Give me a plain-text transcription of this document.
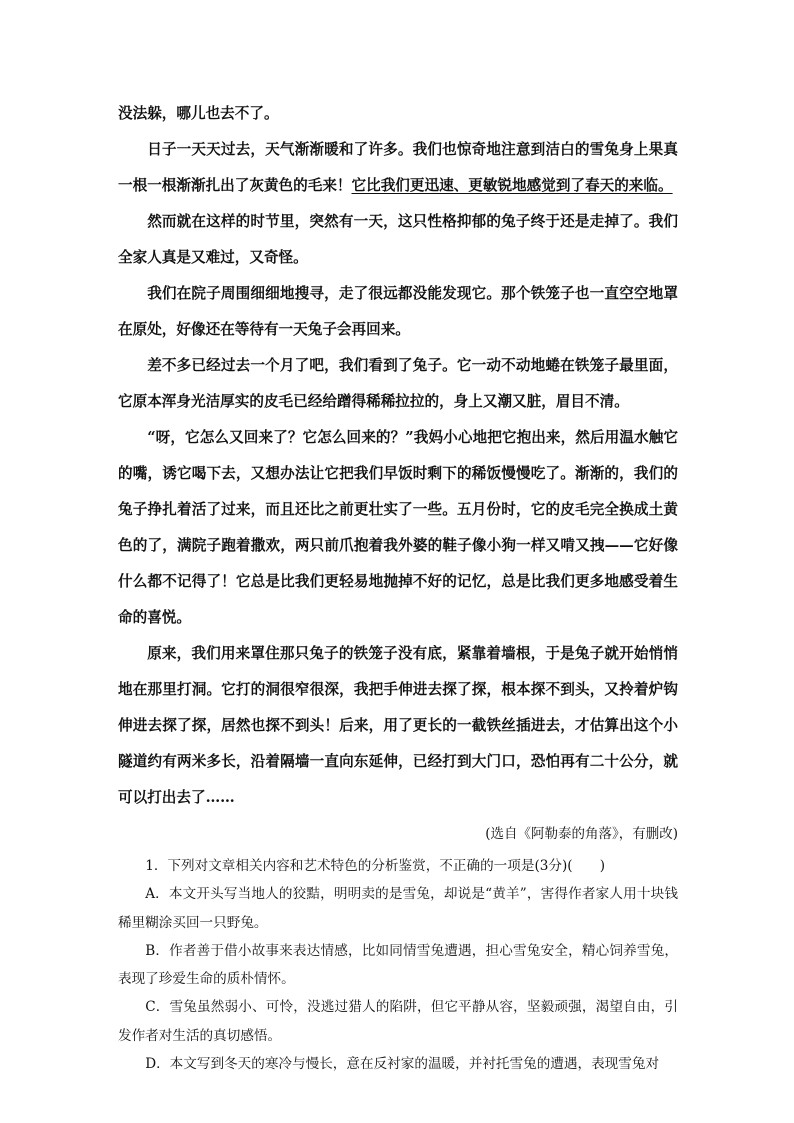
没法躲，哪儿也去不了。

日子一天天过去，天气渐渐暖和了许多。我们也惊奇地注意到洁白的雪兔身上果真一根一根渐渐扎出了灰黄色的毛来！它比我们更迅速、更敏锐地感觉到了春天的来临。

然而就在这样的时节里，突然有一天，这只性格抑郁的兔子终于还是走掉了。我们全家人真是又难过，又奇怪。

我们在院子周围细细地搜寻，走了很远都没能发现它。那个铁笼子也一直空空地罩在原处，好像还在等待有一天兔子会再回来。

差不多已经过去一个月了吧，我们看到了兔子。它一动不动地蜷在铁笼子最里面，它原本浑身光洁厚实的皮毛已经给蹭得稀稀拉拉的，身上又潮又脏，眉目不清。

“呀，它怎么又回来了？它怎么回来的？”我妈小心地把它抱出来，然后用温水触它的嘴，诱它喝下去，又想办法让它把我们早饭时剩下的稀饭慢慢吃了。渐渐的，我们的兔子挣扎着活了过来，而且还比之前更壮实了一些。五月份时，它的皮毛完全换成土黄色的了，满院子跑着撒欢，两只前爪抱着我外婆的鞋子像小狗一样又啃又拽——它好像什么都不记得了！它总是比我们更轻易地抛掉不好的记忆，总是比我们更多地感受着生命的喜悦。

原来，我们用来罩住那只兔子的铁笼子没有底，紧靠着墙根，于是兔子就开始悄悄地在那里打洞。它打的洞很窄很深，我把手伸进去探了探，根本探不到头，又拎着炉钩伸进去探了探，居然也探不到头！后来，用了更长的一截铁丝插进去，才估算出这个小隧道约有两米多长，沿着隔墙一直向东延伸，已经打到大门口，恐怕再有二十公分，就可以打出去了……

(选自《阿勒泰的角落》，有删改)

1．下列对文章相关内容和艺术特色的分析鉴赏，不正确的一项是(3分)(　　)

A．本文开头写当地人的狡黠，明明卖的是雪兔，却说是“黄羊”，害得作者家人用十块钱稀里糊涂买回一只野兔。

B．作者善于借小故事来表达情感，比如同情雪兔遭遇，担心雪兔安全，精心饲养雪兔，表现了珍爱生命的质朴情怀。

C．雪兔虽然弱小、可怜，没逃过猎人的陷阱，但它平静从容，坚毅顽强，渴望自由，引发作者对生活的真切感悟。

D．本文写到冬天的寒冷与慢长，意在反衬家的温暖，并衬托雪兔的遭遇，表现雪兔对
